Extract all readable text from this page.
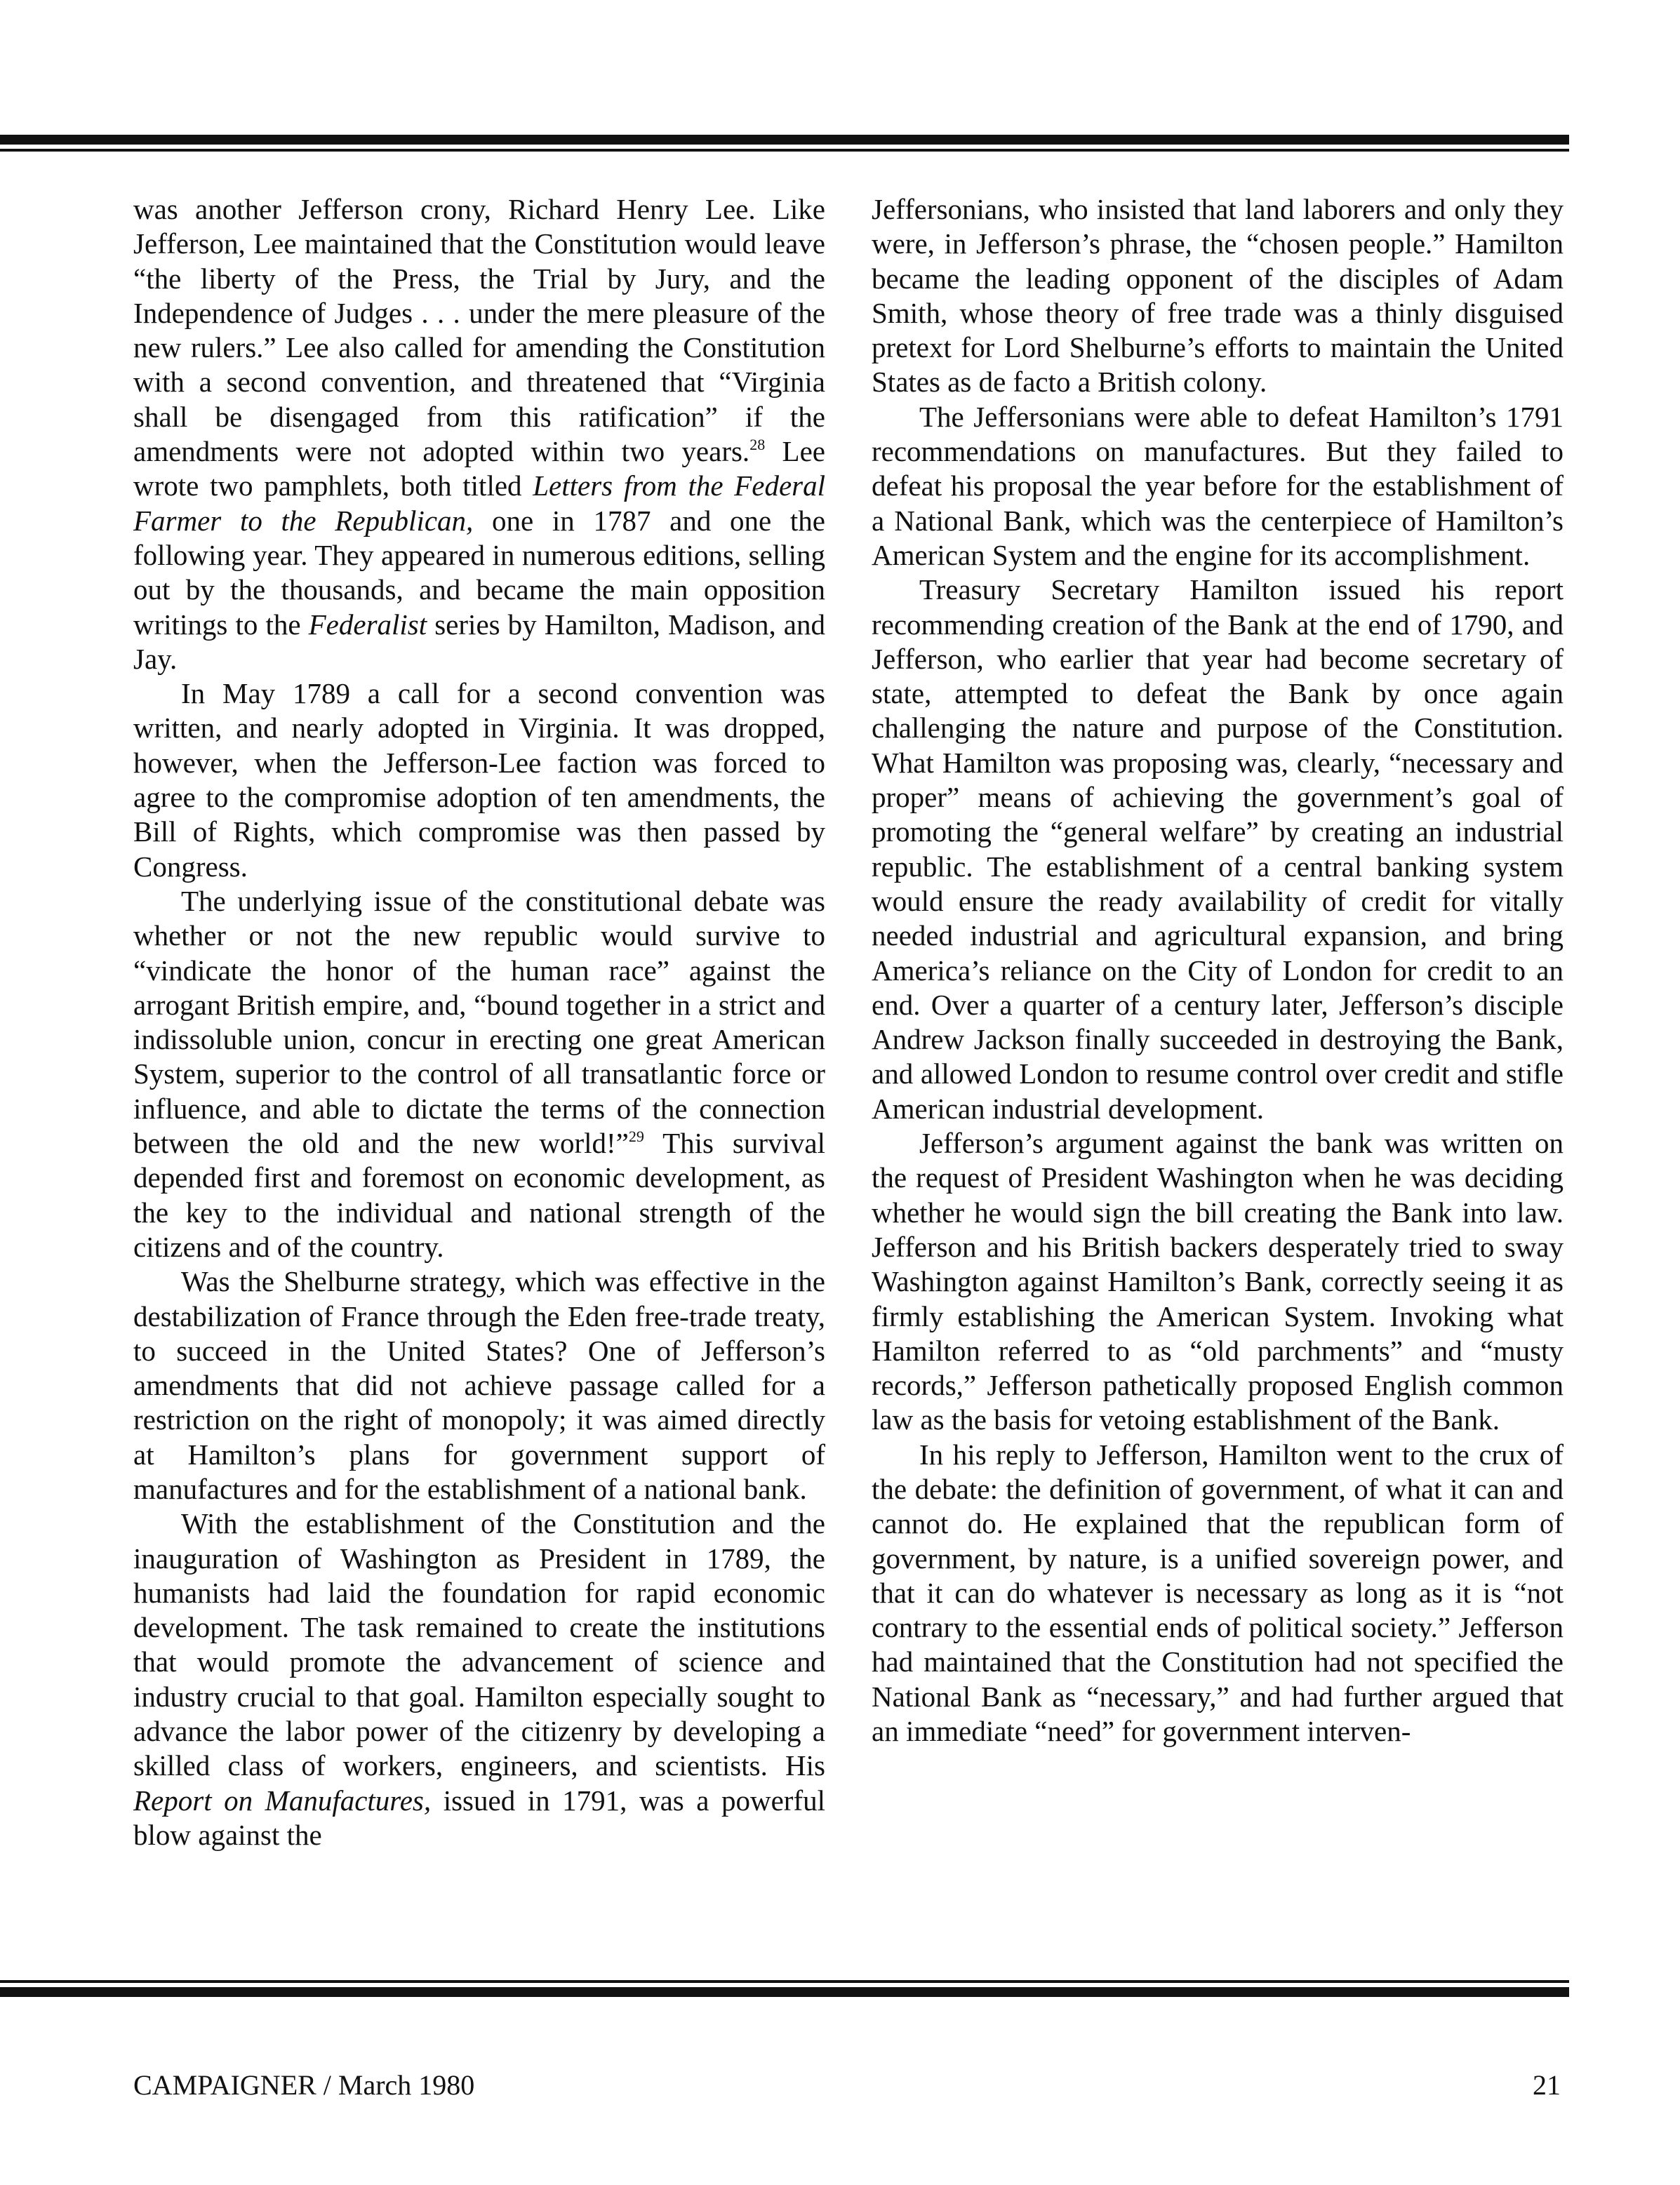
was another Jefferson crony, Richard Henry Lee. Like Jefferson, Lee maintained that the Constitution would leave “the liberty of the Press, the Trial by Jury, and the Independence of Judges . . . under the mere pleasure of the new rulers.” Lee also called for amending the Constitution with a second convention, and threatened that “Virginia shall be disengaged from this ratification” if the amendments were not adopted within two years.$^{28}$ Lee wrote two pamphlets, both titled Letters from the Federal Farmer to the Republican, one in 1787 and one the following year. They appeared in numerous editions, selling out by the thousands, and became the main opposition writings to the Federalist series by Hamilton, Madison, and Jay.

In May 1789 a call for a second convention was written, and nearly adopted in Virginia. It was dropped, however, when the Jefferson-Lee faction was forced to agree to the compromise adoption of ten amendments, the Bill of Rights, which compromise was then passed by Congress.

The underlying issue of the constitutional debate was whether or not the new republic would survive to “vindicate the honor of the human race” against the arrogant British empire, and, “bound together in a strict and indissoluble union, concur in erecting one great American System, superior to the control of all transatlantic force or influence, and able to dictate the terms of the connection between the old and the new world!”$^{29}$ This survival depended first and foremost on economic development, as the key to the individual and national strength of the citizens and of the country.

Was the Shelburne strategy, which was effective in the destabilization of France through the Eden free-trade treaty, to succeed in the United States? One of Jefferson’s amendments that did not achieve passage called for a restriction on the right of monopoly; it was aimed directly at Hamilton’s plans for government support of manufactures and for the establishment of a national bank.

With the establishment of the Constitution and the inauguration of Washington as President in 1789, the humanists had laid the foundation for rapid economic development. The task remained to create the institutions that would promote the advancement of science and industry crucial to that goal. Hamilton especially sought to advance the labor power of the citizenry by developing a skilled class of workers, engineers, and scientists. His Report on Manufactures, issued in 1791, was a powerful blow against the

Jeffersonians, who insisted that land laborers and only they were, in Jefferson’s phrase, the “chosen people.” Hamilton became the leading opponent of the disciples of Adam Smith, whose theory of free trade was a thinly disguised pretext for Lord Shelburne’s efforts to maintain the United States as de facto a British colony.

The Jeffersonians were able to defeat Hamilton’s 1791 recommendations on manufactures. But they failed to defeat his proposal the year before for the establishment of a National Bank, which was the centerpiece of Hamilton’s American System and the engine for its accomplishment.

Treasury Secretary Hamilton issued his report recommending creation of the Bank at the end of 1790, and Jefferson, who earlier that year had become secretary of state, attempted to defeat the Bank by once again challenging the nature and purpose of the Constitution. What Hamilton was proposing was, clearly, “necessary and proper” means of achieving the government’s goal of promoting the “general welfare” by creating an industrial republic. The establishment of a central banking system would ensure the ready availability of credit for vitally needed industrial and agricultural expansion, and bring America’s reliance on the City of London for credit to an end. Over a quarter of a century later, Jefferson’s disciple Andrew Jackson finally succeeded in destroying the Bank, and allowed London to resume control over credit and stifle American industrial development.

Jefferson’s argument against the bank was written on the request of President Washington when he was deciding whether he would sign the bill creating the Bank into law. Jefferson and his British backers desperately tried to sway Washington against Hamilton’s Bank, correctly seeing it as firmly establishing the American System. Invoking what Hamilton referred to as “old parchments” and “musty records,” Jefferson pathetically proposed English common law as the basis for vetoing establishment of the Bank.

In his reply to Jefferson, Hamilton went to the crux of the debate: the definition of government, of what it can and cannot do. He explained that the republican form of government, by nature, is a unified sovereign power, and that it can do whatever is necessary as long as it is “not contrary to the essential ends of political society.” Jefferson had maintained that the Constitution had not specified the National Bank as “necessary,” and had further argued that an immediate “need” for government interven-

CAMPAIGNER / March 1980	21
